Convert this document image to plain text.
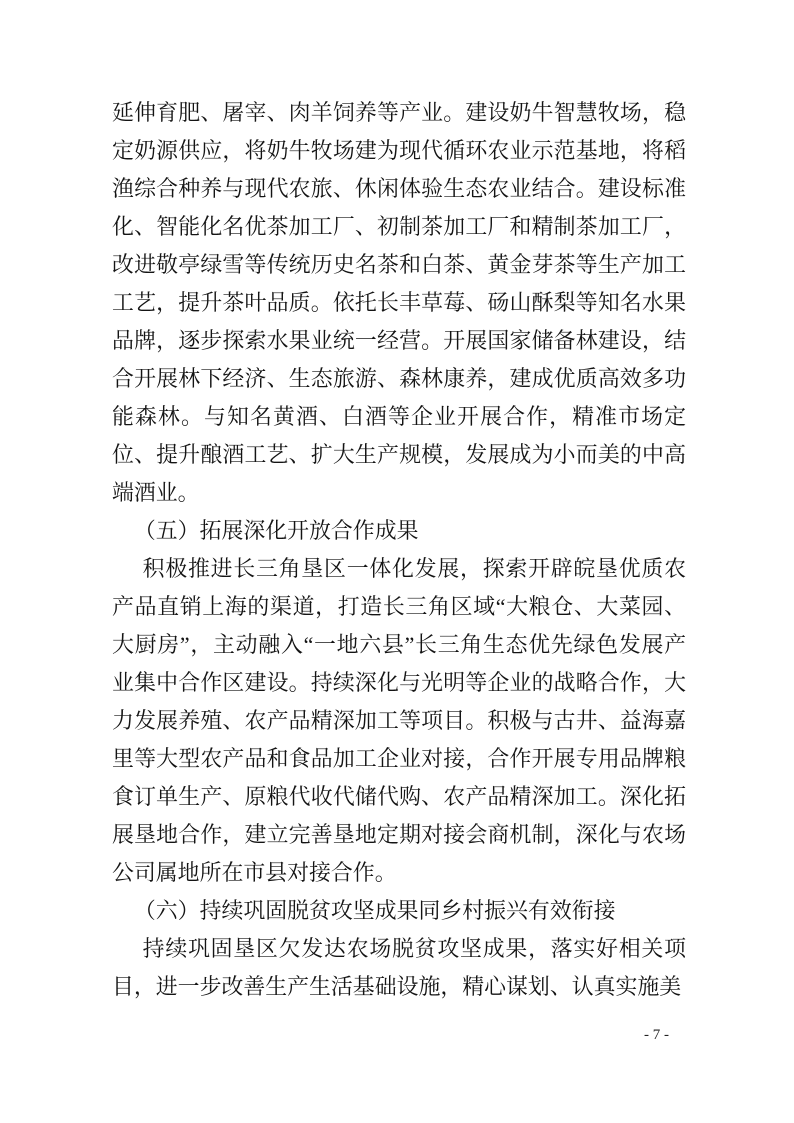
延伸育肥、屠宰、肉羊饲养等产业。建设奶牛智慧牧场，稳定奶源供应，将奶牛牧场建为现代循环农业示范基地，将稻渔综合种养与现代农旅、休闲体验生态农业结合。建设标准化、智能化名优茶加工厂、初制茶加工厂和精制茶加工厂，改进敬亭绿雪等传统历史名茶和白茶、黄金芽茶等生产加工工艺，提升茶叶品质。依托长丰草莓、砀山酥梨等知名水果品牌，逐步探索水果业统一经营。开展国家储备林建设，结合开展林下经济、生态旅游、森林康养，建成优质高效多功能森林。与知名黄酒、白酒等企业开展合作，精准市场定位、提升酿酒工艺、扩大生产规模，发展成为小而美的中高端酒业。

（五）拓展深化开放合作成果

积极推进长三角垦区一体化发展，探索开辟皖垦优质农产品直销上海的渠道，打造长三角区域“大粮仓、大菜园、大厨房”，主动融入“一地六县”长三角生态优先绿色发展产业集中合作区建设。持续深化与光明等企业的战略合作，大力发展养殖、农产品精深加工等项目。积极与古井、益海嘉里等大型农产品和食品加工企业对接，合作开展专用品牌粮食订单生产、原粮代收代储代购、农产品精深加工。深化拓展垦地合作，建立完善垦地定期对接会商机制，深化与农场公司属地所在市县对接合作。

（六）持续巩固脱贫攻坚成果同乡村振兴有效衔接

持续巩固垦区欠发达农场脱贫攻坚成果，落实好相关项目，进一步改善生产生活基础设施，精心谋划、认真实施美

- 7 -
